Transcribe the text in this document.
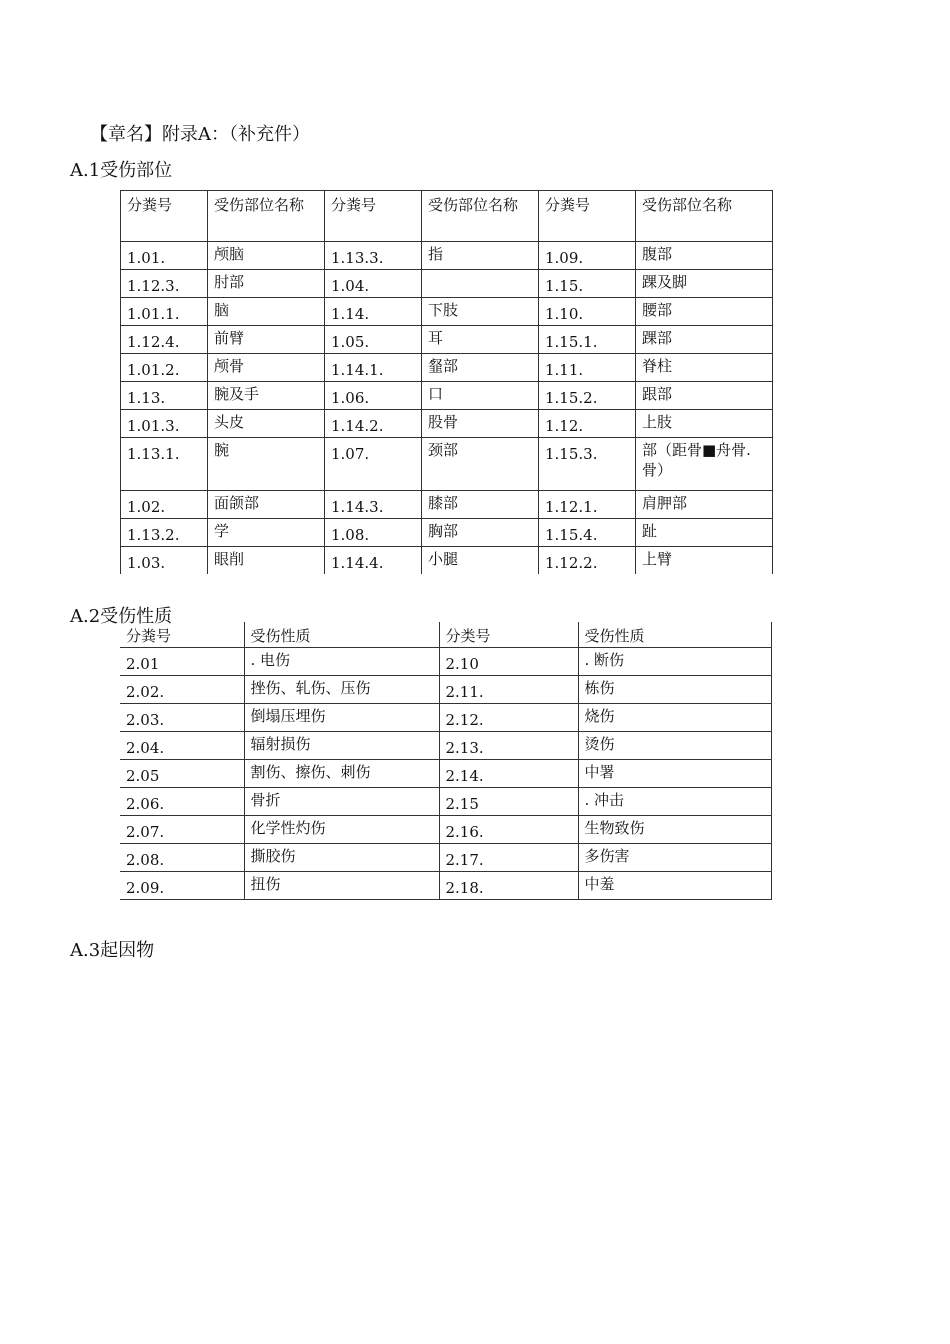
【章名】附录A：（补充件）
A.1受伤部位
分粪号	受伤部位名称	分粪号	受伤部位名称	分粪号	受伤部位名称
1.01.	颅脑	1.13.3.	指	1.09.	腹部
1.12.3.	肘部	1.04.		1.15.	踝及脚
1.01.1.	脑	1.14.	下肢	1.10.	腰部
1.12.4.	前臂	1.05.	耳	1.15.1.	踝部
1.01.2.	颅骨	1.14.1.	韰部	1.11.	脊柱
1.13.	腕及手	1.06.	口	1.15.2.	跟部
1.01.3.	头皮	1.14.2.	股骨	1.12.	上肢
1.13.1.	腕	1.07.	颈部	1.15.3.	部（距骨■舟骨.骨）
1.02.	面颌部	1.14.3.	膝部	1.12.1.	肩胛部
1.13.2.	学	1.08.	胸部	1.15.4.	趾
1.03.	眼削	1.14.4.	小腿	1.12.2.	上臂
A.2受伤性质
分粪号	受伤性质	分类号	受伤性质
2.01	. 电伤	2.10	. 断伤
2.02.	挫伤、轧伤、压伤	2.11.	栋伤
2.03.	倒塌压埋伤	2.12.	烧伤
2.04.	辐射损伤	2.13.	烫伤
2.05	割伤、擦伤、刺伤	2.14.	中署
2.06.	骨折	2.15	. 冲击
2.07.	化学性灼伤	2.16.	生物致伤
2.08.	撕胶伤	2.17.	多伤害
2.09.	扭伤	2.18.	中羞
A.3起因物
